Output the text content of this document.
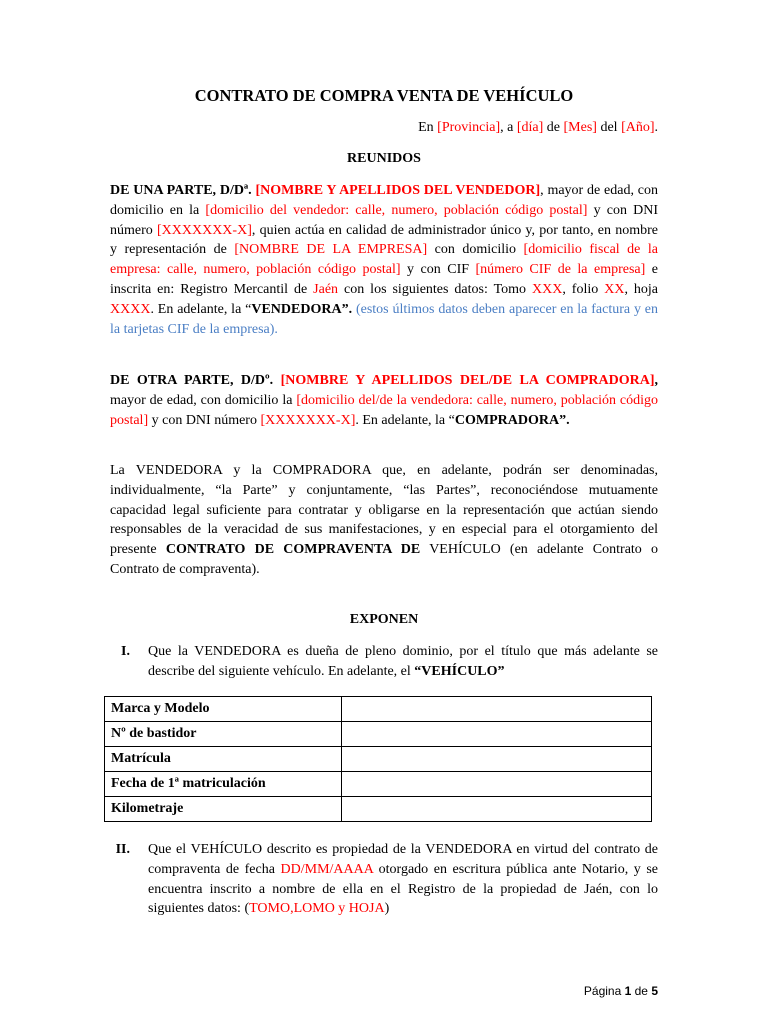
CONTRATO DE COMPRA VENTA DE VEHÍCULO

En [Provincia], a [día] de [Mes] del [Año].

REUNIDOS

DE UNA PARTE, D/Dª. [NOMBRE Y APELLIDOS DEL VENDEDOR], mayor de edad, con domicilio en la [domicilio del vendedor: calle, numero, población código postal] y con DNI número [XXXXXXX-X], quien actúa en calidad de administrador único y, por tanto, en nombre y representación de [NOMBRE DE LA EMPRESA] con domicilio [domicilio fiscal de la empresa: calle, numero, población código postal] y con CIF [número CIF de la empresa] e inscrita en: Registro Mercantil de Jaén con los siguientes datos: Tomo XXX, folio XX, hoja XXXX. En adelante, la “VENDEDORA”. (estos últimos datos deben aparecer en la factura y en la tarjetas CIF de la empresa).

DE OTRA PARTE, D/Dº. [NOMBRE Y APELLIDOS DEL/DE LA COMPRADORA], mayor de edad, con domicilio la [domicilio del/de la vendedora: calle, numero, población código postal] y con DNI número [XXXXXXX-X]. En adelante, la “COMPRADORA”.

La VENDEDORA y la COMPRADORA que, en adelante, podrán ser denominadas, individualmente, “la Parte” y conjuntamente, “las Partes”, reconociéndose mutuamente capacidad legal suficiente para contratar y obligarse en la representación que actúan siendo responsables de la veracidad de sus manifestaciones, y en especial para el otorgamiento del presente CONTRATO DE COMPRAVENTA DE VEHÍCULO (en adelante Contrato o Contrato de compraventa).

EXPONEN

I. Que la VENDEDORA es dueña de pleno dominio, por el título que más adelante se describe del siguiente vehículo. En adelante, el “VEHÍCULO”

Marca y Modelo	
Nº de bastidor	
Matrícula	
Fecha de 1ª matriculación	
Kilometraje	

II. Que el VEHÍCULO descrito es propiedad de la VENDEDORA en virtud del contrato de compraventa de fecha DD/MM/AAAA otorgado en escritura pública ante Notario, y se encuentra inscrito a nombre de ella en el Registro de la propiedad de Jaén, con lo siguientes datos: (TOMO,LOMO y HOJA)

Página 1 de 5
